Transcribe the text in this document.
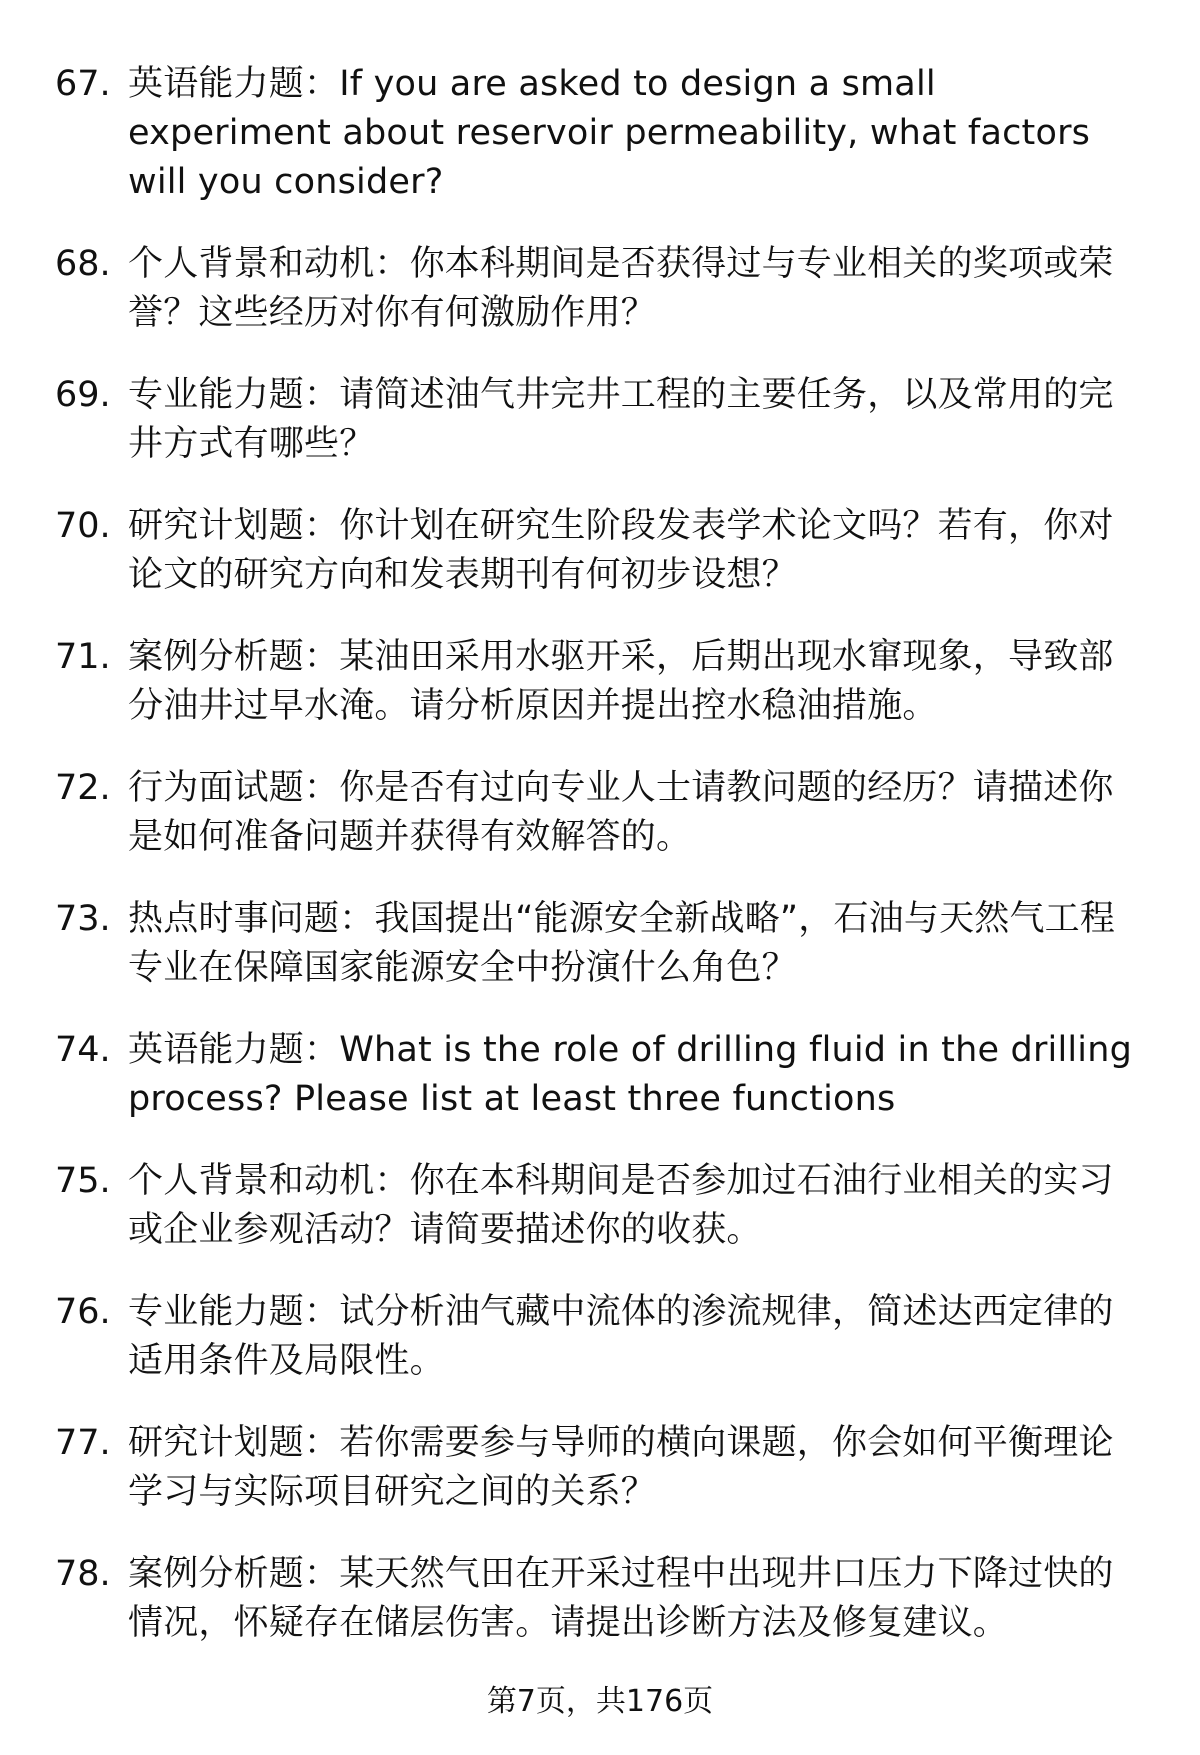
67. 英语能力题：If you are asked to design a small experiment about reservoir permeability, what factors will you consider?
68. 个人背景和动机：你本科期间是否获得过与专业相关的奖项或荣誉？这些经历对你有何激励作用？
69. 专业能力题：请简述油气井完井工程的主要任务，以及常用的完井方式有哪些？
70. 研究计划题：你计划在研究生阶段发表学术论文吗？若有，你对论文的研究方向和发表期刊有何初步设想？
71. 案例分析题：某油田采用水驱开采，后期出现水窜现象，导致部分油井过早水淹。请分析原因并提出控水稳油措施。
72. 行为面试题：你是否有过向专业人士请教问题的经历？请描述你是如何准备问题并获得有效解答的。
73. 热点时事问题：我国提出“能源安全新战略”，石油与天然气工程专业在保障国家能源安全中扮演什么角色？
74. 英语能力题：What is the role of drilling fluid in the drilling process? Please list at least three functions
75. 个人背景和动机：你在本科期间是否参加过石油行业相关的实习或企业参观活动？请简要描述你的收获。
76. 专业能力题：试分析油气藏中流体的渗流规律，简述达西定律的适用条件及局限性。
77. 研究计划题：若你需要参与导师的横向课题，你会如何平衡理论学习与实际项目研究之间的关系？
78. 案例分析题：某天然气田在开采过程中出现井口压力下降过快的情况，怀疑存在储层伤害。请提出诊断方法及修复建议。
第7页，共176页
